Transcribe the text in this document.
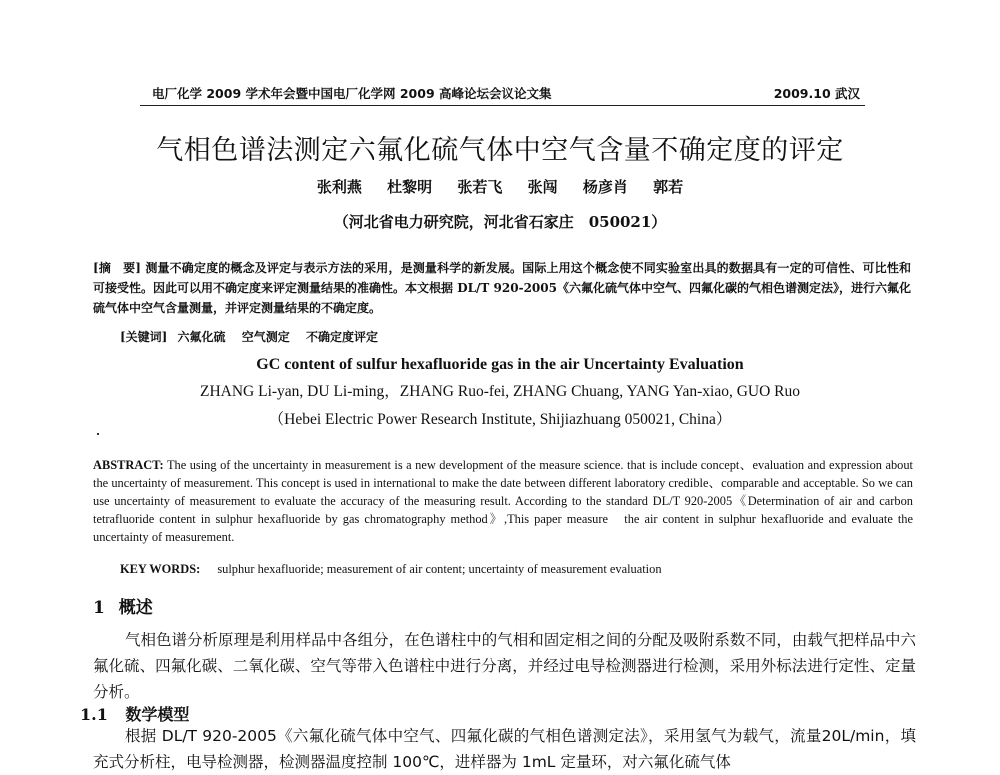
电厂化学 2009 学术年会暨中国电厂化学网 2009 高峰论坛会议论文集	2009.10 武汉
气相色谱法测定六氟化硫气体中空气含量不确定度的评定
张利燕 杜黎明 张若飞 张闯 杨彦肖 郭若
（河北省电力研究院，河北省石家庄　050021）
[摘　要] 测量不确定度的概念及评定与表示方法的采用，是测量科学的新发展。国际上用这个概念使不同实验室出具的数据具有一定的可信性、可比性和可接受性。因此可以用不确定度来评定测量结果的准确性。本文根据 DL/T 920-2005《六氟化硫气体中空气、四氟化碳的气相色谱测定法》，进行六氟化硫气体中空气含量测量，并评定测量结果的不确定度。
[关键词] 六氟化硫 空气测定 不确定度评定
GC content of sulfur hexafluoride gas in the air Uncertainty Evaluation
ZHANG Li-yan, DU Li-ming，ZHANG Ruo-fei, ZHANG Chuang, YANG Yan-xiao, GUO Ruo
（Hebei Electric Power Research Institute, Shijiazhuang 050021, China）
ABSTRACT: The using of the uncertainty in measurement is a new development of the measure science. that is include concept、evaluation and expression about the uncertainty of measurement. This concept is used in international to make the date between different laboratory credible、comparable and acceptable. So we can use uncertainty of measurement to evaluate the accuracy of the measuring result. According to the standard DL/T 920-2005《Determination of air and carbon tetrafluoride content in sulphur hexafluoride by gas chromatography method》,This paper measure　the air content in sulphur hexafluoride and evaluate the uncertainty of measurement.
KEY WORDS: sulphur hexafluoride; measurement of air content; uncertainty of measurement evaluation
1 概述
气相色谱分析原理是利用样品中各组分，在色谱柱中的气相和固定相之间的分配及吸附系数不同，由载气把样品中六氟化硫、四氟化碳、二氧化碳、空气等带入色谱柱中进行分离，并经过电导检测器进行检测，采用外标法进行定性、定量分析。
1.1 数学模型
根据 DL/T 920-2005《六氟化硫气体中空气、四氟化碳的气相色谱测定法》，采用氢气为载气，流量20L/min，填充式分析柱，电导检测器，检测器温度控制 100℃，进样器为 1mL 定量环，对六氟化硫气体
